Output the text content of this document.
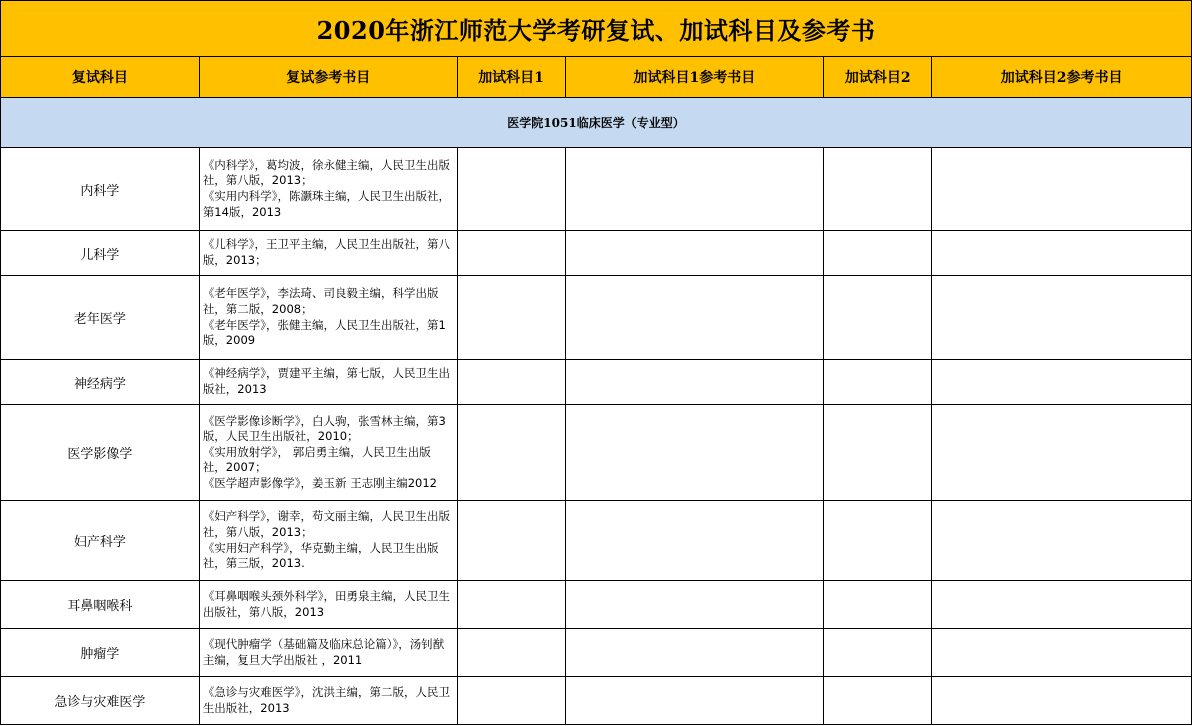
2020年浙江师范大学考研复试、加试科目及参考书					
复试科目	复试参考书目	加试科目1	加试科目1参考书目	加试科目2	加试科目2参考书目
医学院1051临床医学（专业型）					
内科学	《内科学》，葛均波，徐永健主编，人民卫生出版社，第八版，2013；
《实用内科学》，陈灏珠主编，人民卫生出版社，第14版，2013				
儿科学	《儿科学》，王卫平主编，人民卫生出版社，第八版，2013；				
老年医学	《老年医学》，李法琦、司良毅主编，科学出版社，第二版，2008；
《老年医学》，张健主编，人民卫生出版社，第1版，2009				
神经病学	《神经病学》，贾建平主编，第七版，人民卫生出版社，2013				
医学影像学	《医学影像诊断学》，白人驹，张雪林主编，第3版，人民卫生出版社，2010；
《实用放射学》， 郭启勇主编，人民卫生出版社，2007；
《医学超声影像学》，姜玉新 王志刚主编2012				
妇产科学	《妇产科学》，谢幸，苟文丽主编，人民卫生出版社，第八版，2013；
《实用妇产科学》，华克勤主编，人民卫生出版社，第三版，2013.				
耳鼻咽喉科	《耳鼻咽喉头颈外科学》，田勇泉主编，人民卫生出版社，第八版，2013				
肿瘤学	《现代肿瘤学（基础篇及临床总论篇）》，汤钊猷主编，复旦大学出版社 ，2011				
急诊与灾难医学	《急诊与灾难医学》，沈洪主编，第二版，人民卫生出版社，2013				
